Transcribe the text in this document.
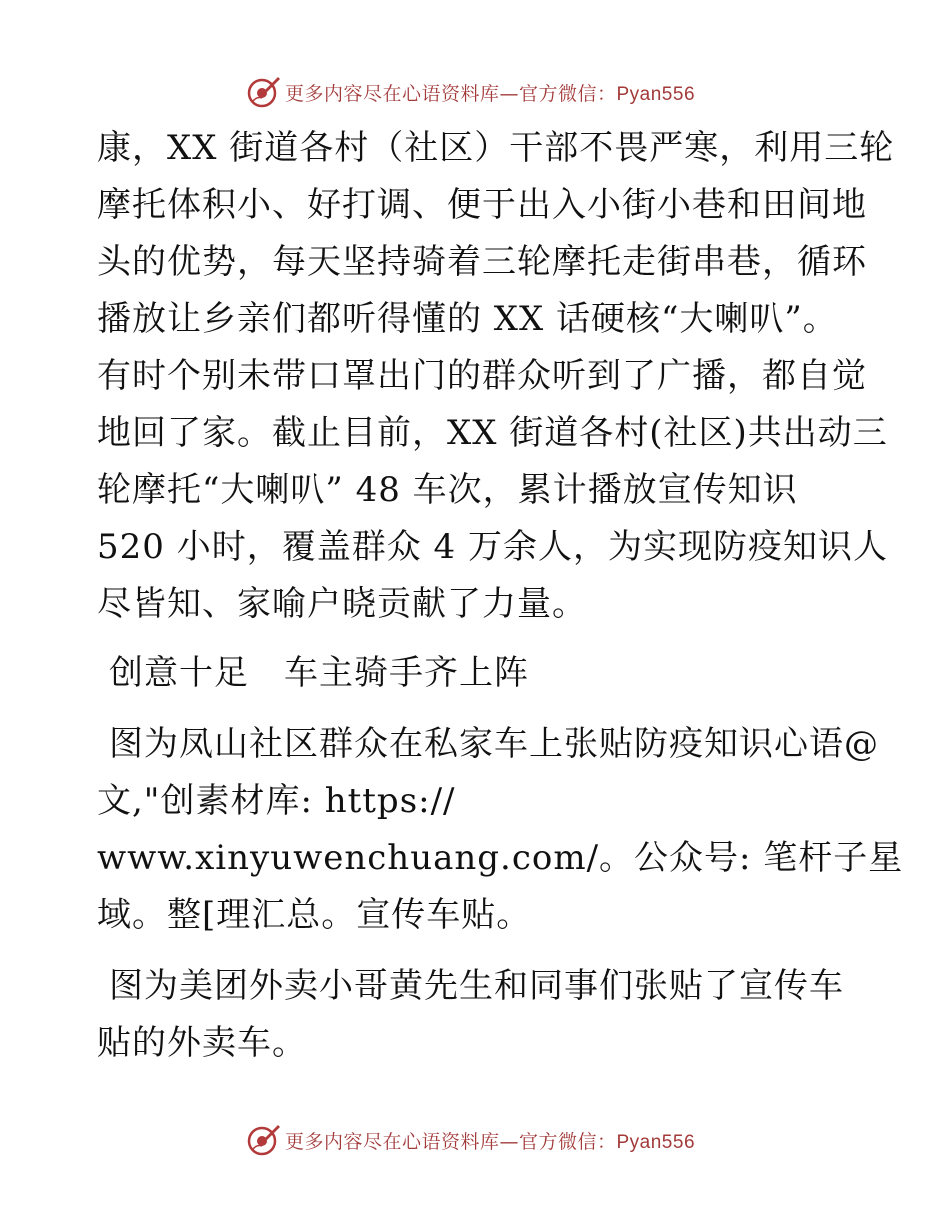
更多内容尽在心语资料库—官方微信：Pyan556
康，XX 街道各村（社区）干部不畏严寒，利用三轮
摩托体积小、好打调、便于出入小街小巷和田间地
头的优势，每天坚持骑着三轮摩托走街串巷，循环
播放让乡亲们都听得懂的 XX 话硬核“大喇叭”。
有时个别未带口罩出门的群众听到了广播，都自觉
地回了家。截止目前，XX 街道各村(社区)共出动三
轮摩托“大喇叭” 48 车次，累计播放宣传知识
520 小时，覆盖群众 4 万余人，为实现防疫知识人
尽皆知、家喻户晓贡献了力量。
创意十足　车主骑手齐上阵
图为凤山社区群众在私家车上张贴防疫知识心语@
文,"创素材库: https://
www.xinyuwenchuang.com/。公众号: 笔杆子星
域。整[理汇总。宣传车贴。
图为美团外卖小哥黄先生和同事们张贴了宣传车
贴的外卖车。
更多内容尽在心语资料库—官方微信：Pyan556
